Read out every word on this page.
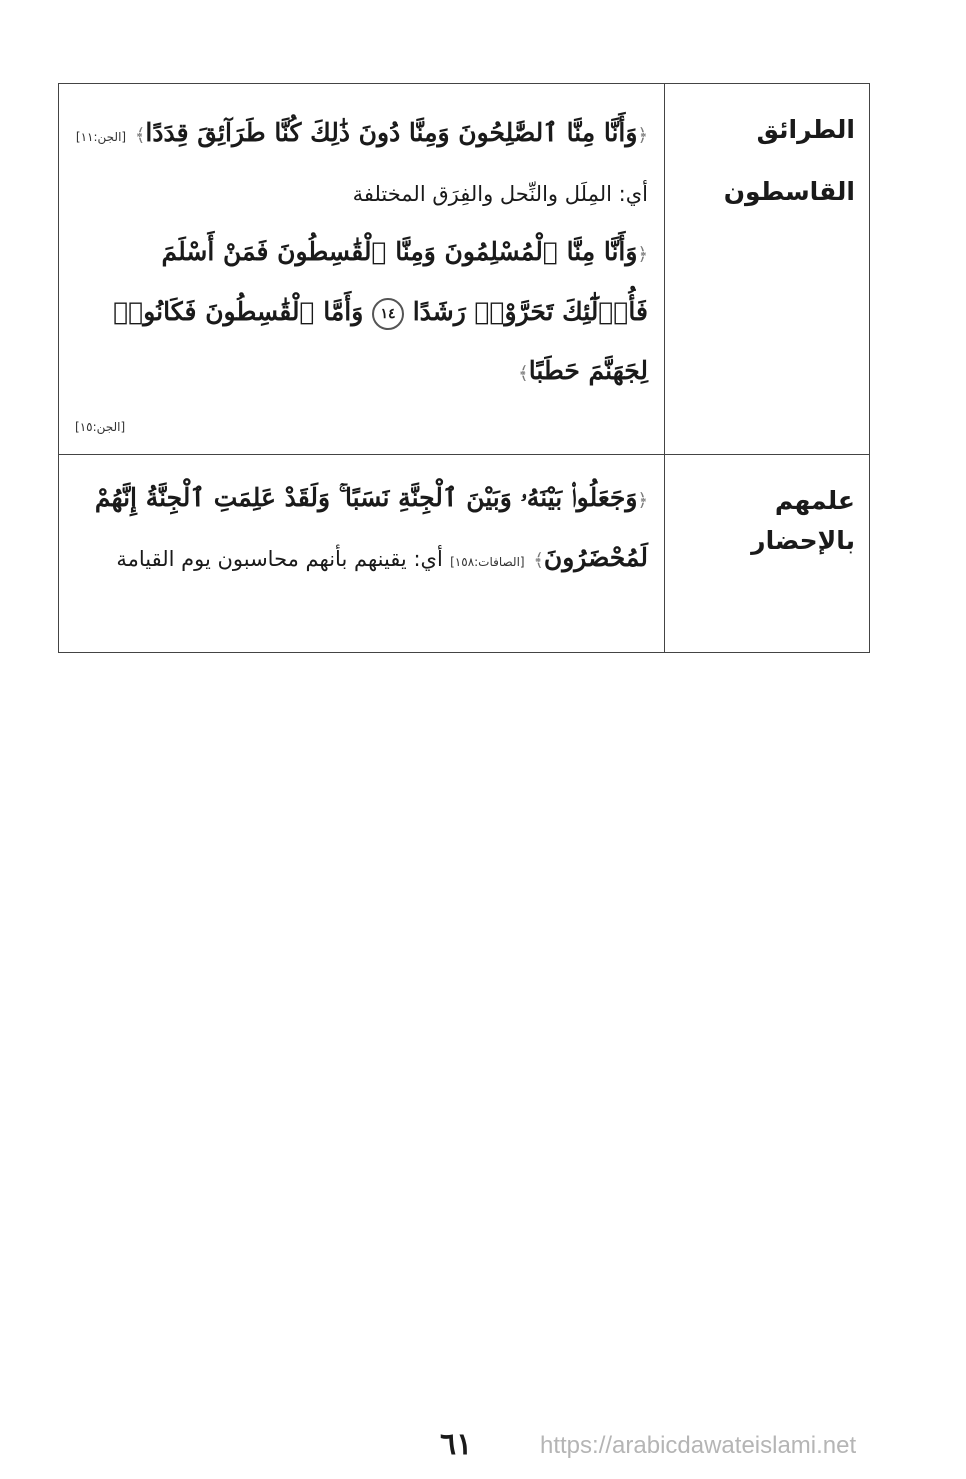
الطرائق
القاسطون	﴿وَأَنَّا مِنَّا ٱلصَّٰلِحُونَ وَمِنَّا دُونَ ذَٰلِكَ كُنَّا طَرَآئِقَ قِدَدًا﴾ [الجن:١١]
أي: المِلَل والنِّحل والفِرَق المختلفة
﴿وَأَنَّا مِنَّا ٱلْمُسْلِمُونَ وَمِنَّا ٱلْقَٰسِطُونَ فَمَنْ أَسْلَمَ فَأُو۟لَٰٓئِكَ تَحَرَّوْا۟ رَشَدًا ١٤ وَأَمَّا ٱلْقَٰسِطُونَ فَكَانُوا۟ لِجَهَنَّمَ حَطَبًا﴾
[الجن:١٥]

علمهم
بالإحضار	﴿وَجَعَلُوا۟ بَيْنَهُۥ وَبَيْنَ ٱلْجِنَّةِ نَسَبًا ۚ وَلَقَدْ عَلِمَتِ ٱلْجِنَّةُ إِنَّهُمْ لَمُحْضَرُونَ﴾ [الصافات:١٥٨] أي: يقينهم بأنهم محاسبون يوم القيامة
٦١	https://arabicdawateislami.net
